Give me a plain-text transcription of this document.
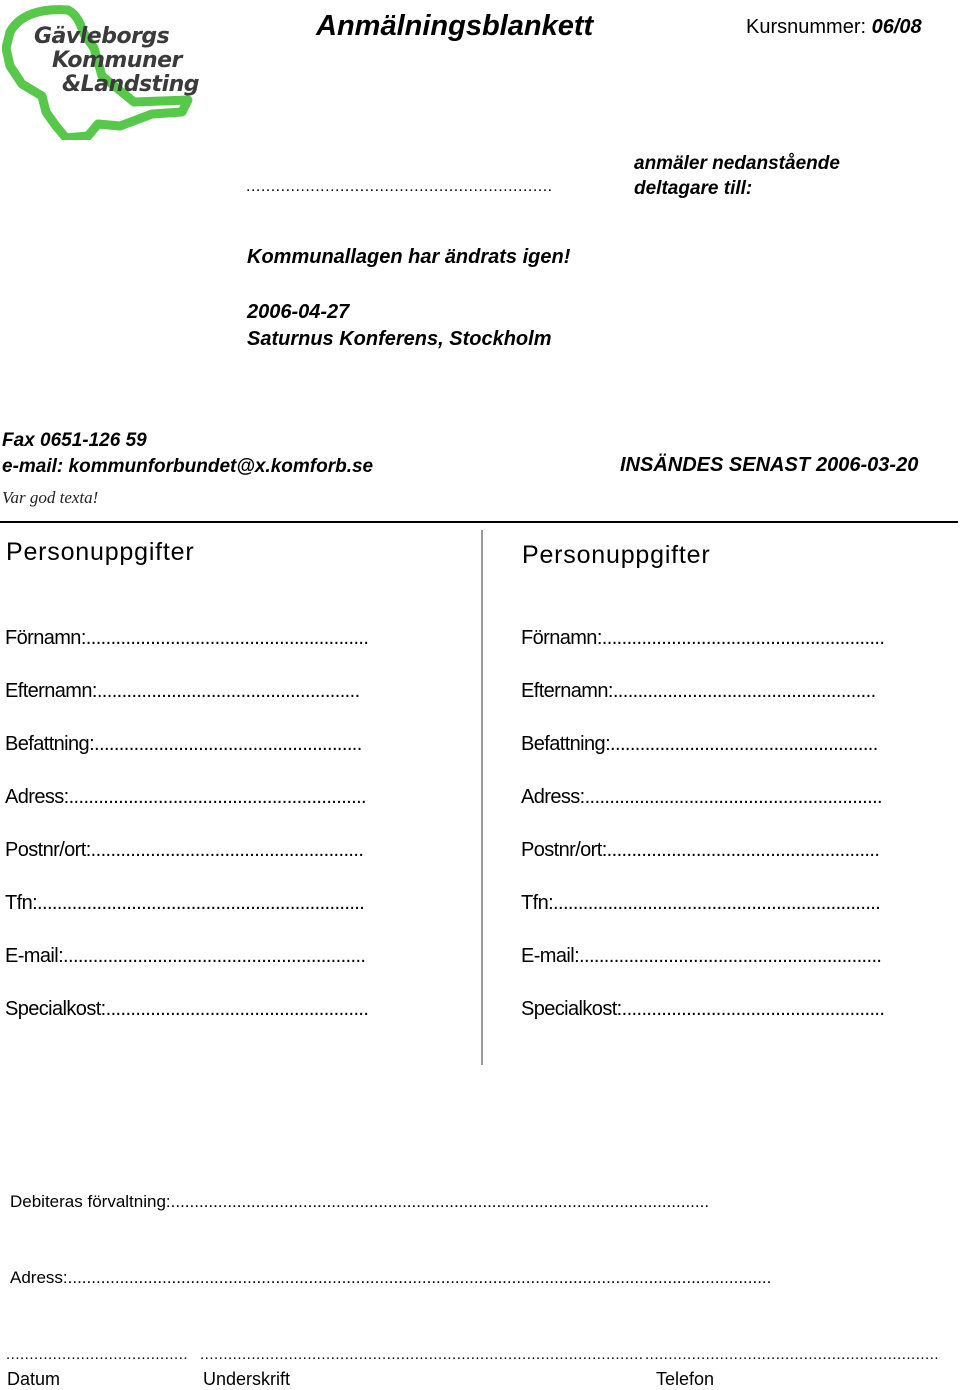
Gävleborgs
Kommuner
&Landsting
Anmälningsblankett	Kursnummer: 06/08
..............................................................
anmäler nedanstående
deltagare till:
Kommunallagen har ändrats igen!
2006-04-27
Saturnus Konferens, Stockholm
Fax 0651-126 59
e-mail: kommunforbundet@x.komforb.se	INSÄNDES SENAST 2006-03-20
Var god texta!
Personuppgifter
Förnamn:.........................................................
Efternamn:.....................................................
Befattning:......................................................
Adress:............................................................
Postnr/ort:.......................................................
Tfn:..................................................................
E-mail:.............................................................
Specialkost:.....................................................
Personuppgifter
Förnamn:.........................................................
Efternamn:.....................................................
Befattning:......................................................
Adress:............................................................
Postnr/ort:.......................................................
Tfn:..................................................................
E-mail:.............................................................
Specialkost:.....................................................
Debiteras förvaltning:..................................................................................................................
Adress:.....................................................................................................................................................
.......................................
Datum
...............................................................................................
Underskrift
...............................................................
Telefon
